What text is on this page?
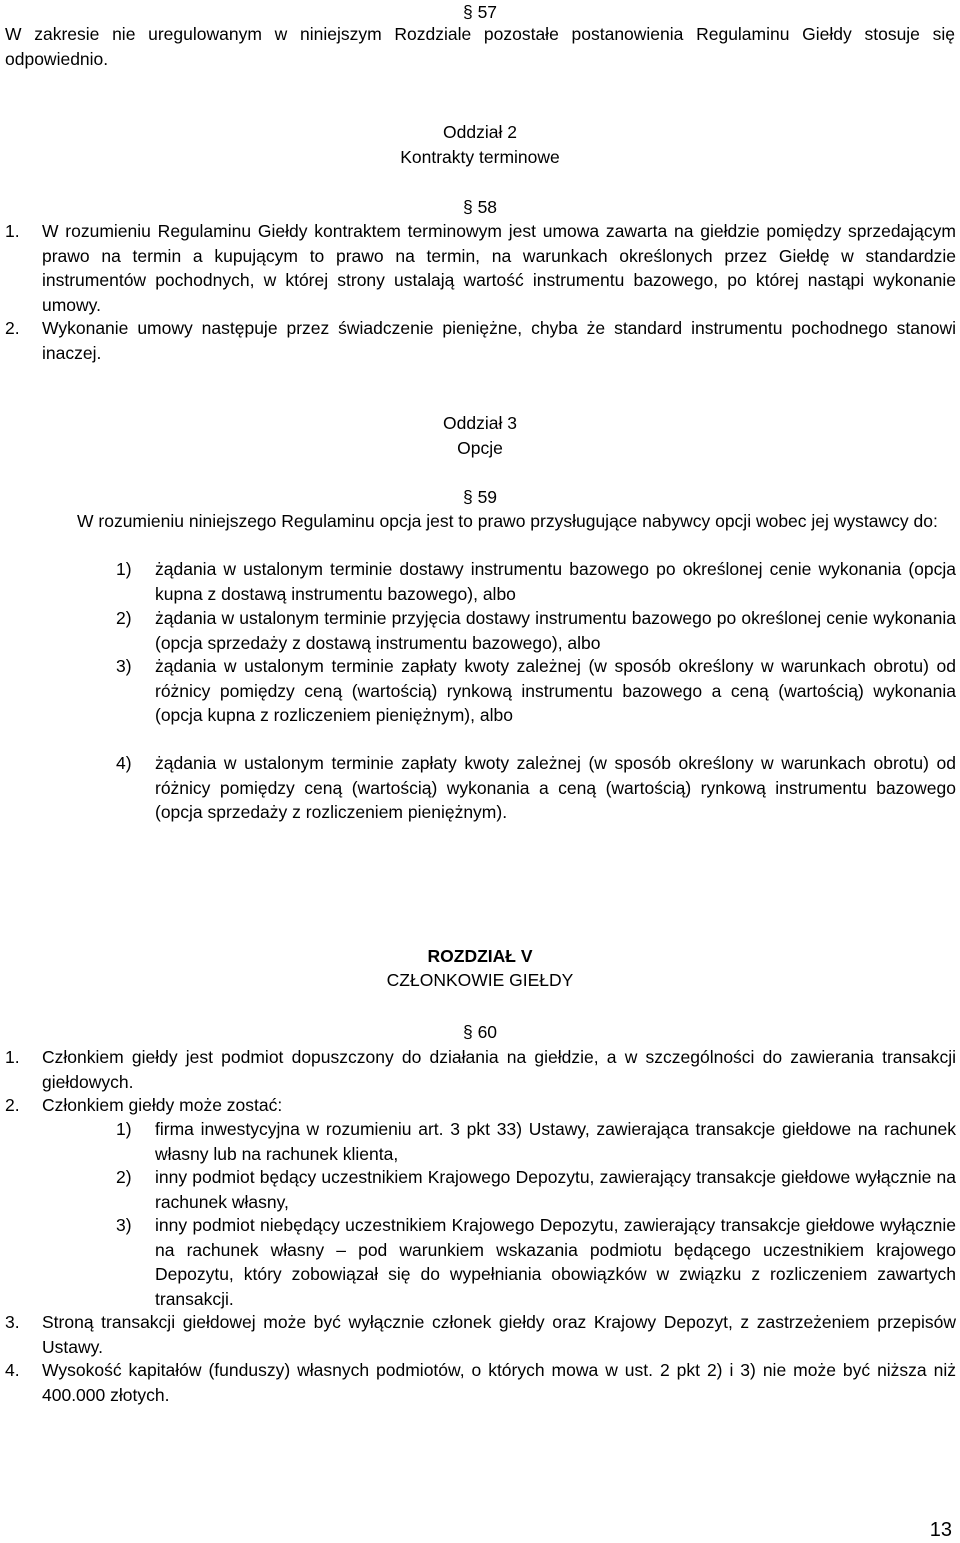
§ 57
W zakresie nie uregulowanym w niniejszym Rozdziale pozostałe postanowienia Regulaminu Giełdy stosuje się odpowiednio.
Oddział 2
Kontrakty terminowe
§ 58
1.	W rozumieniu Regulaminu Giełdy kontraktem terminowym jest umowa zawarta na giełdzie pomiędzy sprzedającym prawo na termin a kupującym to prawo na termin, na warunkach określonych przez Giełdę w standardzie instrumentów pochodnych, w której strony ustalają wartość instrumentu bazowego, po której nastąpi wykonanie umowy.
2.	Wykonanie umowy następuje przez świadczenie pieniężne, chyba że standard instrumentu pochodnego stanowi inaczej.
Oddział 3
Opcje
§ 59
W rozumieniu niniejszego Regulaminu opcja jest to prawo przysługujące nabywcy opcji wobec jej wystawcy do:
1)	żądania w ustalonym terminie dostawy instrumentu bazowego po określonej cenie wykonania (opcja kupna z dostawą instrumentu bazowego), albo
2)	żądania w ustalonym terminie przyjęcia dostawy instrumentu bazowego po określonej cenie wykonania (opcja sprzedaży z dostawą instrumentu bazowego), albo
3)	żądania w ustalonym terminie zapłaty kwoty zależnej (w sposób określony w warunkach obrotu) od różnicy pomiędzy ceną (wartością) rynkową instrumentu bazowego a ceną (wartością) wykonania (opcja kupna z rozliczeniem pieniężnym), albo
4)	żądania w ustalonym terminie zapłaty kwoty zależnej (w sposób określony w warunkach obrotu) od różnicy pomiędzy ceną (wartością) wykonania a ceną (wartością) rynkową instrumentu bazowego (opcja sprzedaży z rozliczeniem pieniężnym).
ROZDZIAŁ V
CZŁONKOWIE GIEŁDY
§ 60
1.	Członkiem giełdy jest podmiot dopuszczony do działania na giełdzie, a w szczególności do zawierania transakcji giełdowych.
2.	Członkiem giełdy może zostać:
1)	firma inwestycyjna w rozumieniu art. 3 pkt 33) Ustawy, zawierająca transakcje giełdowe na rachunek własny lub na rachunek klienta,
2)	inny podmiot będący uczestnikiem Krajowego Depozytu, zawierający transakcje giełdowe wyłącznie na rachunek własny,
3)	inny podmiot niebędący uczestnikiem Krajowego Depozytu, zawierający transakcje giełdowe wyłącznie na rachunek własny – pod warunkiem wskazania podmiotu będącego uczestnikiem krajowego Depozytu, który zobowiązał się do wypełniania obowiązków w związku z rozliczeniem zawartych transakcji.
3.	Stroną transakcji giełdowej może być wyłącznie członek giełdy oraz Krajowy Depozyt, z zastrzeżeniem przepisów Ustawy.
4.	Wysokość kapitałów (funduszy) własnych podmiotów, o których mowa w ust. 2 pkt 2) i 3) nie może być niższa niż 400.000 złotych.
13
